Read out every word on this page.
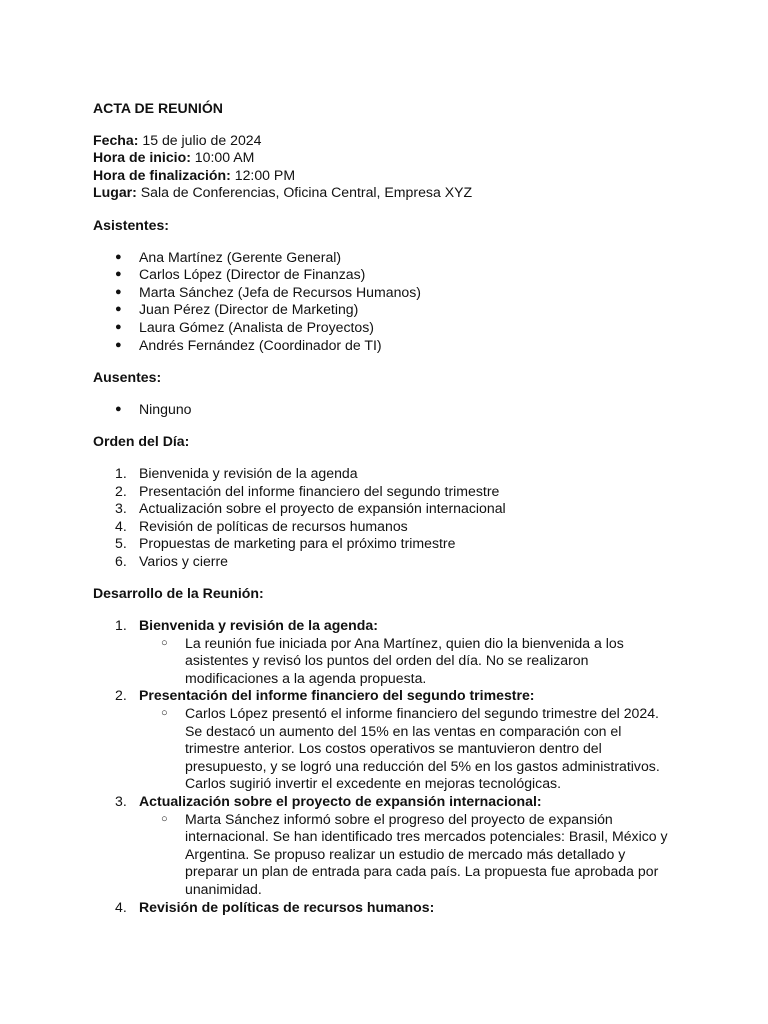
ACTA DE REUNIÓN

Fecha: 15 de julio de 2024

Hora de inicio: 10:00 AM

Hora de finalización: 12:00 PM

Lugar: Sala de Conferencias, Oficina Central, Empresa XYZ

Asistentes:
● Ana Martínez (Gerente General)
● Carlos López (Director de Finanzas)
● Marta Sánchez (Jefa de Recursos Humanos)
● Juan Pérez (Director de Marketing)
● Laura Gómez (Analista de Proyectos)
● Andrés Fernández (Coordinador de TI)
Ausentes:
● Ninguno
Orden del Día:
1. Bienvenida y revisión de la agenda
2. Presentación del informe financiero del segundo trimestre
3. Actualización sobre el proyecto de expansión internacional
4. Revisión de políticas de recursos humanos
5. Propuestas de marketing para el próximo trimestre
6. Varios y cierre
Desarrollo de la Reunión:
1. Bienvenida y revisión de la agenda:
○ La reunión fue iniciada por Ana Martínez, quien dio la bienvenida a los
asistentes y revisó los puntos del orden del día. No se realizaron
modificaciones a la agenda propuesta.
2. Presentación del informe financiero del segundo trimestre:
○ Carlos López presentó el informe financiero del segundo trimestre del 2024.
Se destacó un aumento del 15% en las ventas en comparación con el
trimestre anterior. Los costos operativos se mantuvieron dentro del
presupuesto, y se logró una reducción del 5% en los gastos administrativos.
Carlos sugirió invertir el excedente en mejoras tecnológicas.
3. Actualización sobre el proyecto de expansión internacional:
○ Marta Sánchez informó sobre el progreso del proyecto de expansión
internacional. Se han identificado tres mercados potenciales: Brasil, México y
Argentina. Se propuso realizar un estudio de mercado más detallado y
preparar un plan de entrada para cada país. La propuesta fue aprobada por
unanimidad.
4. Revisión de políticas de recursos humanos:
